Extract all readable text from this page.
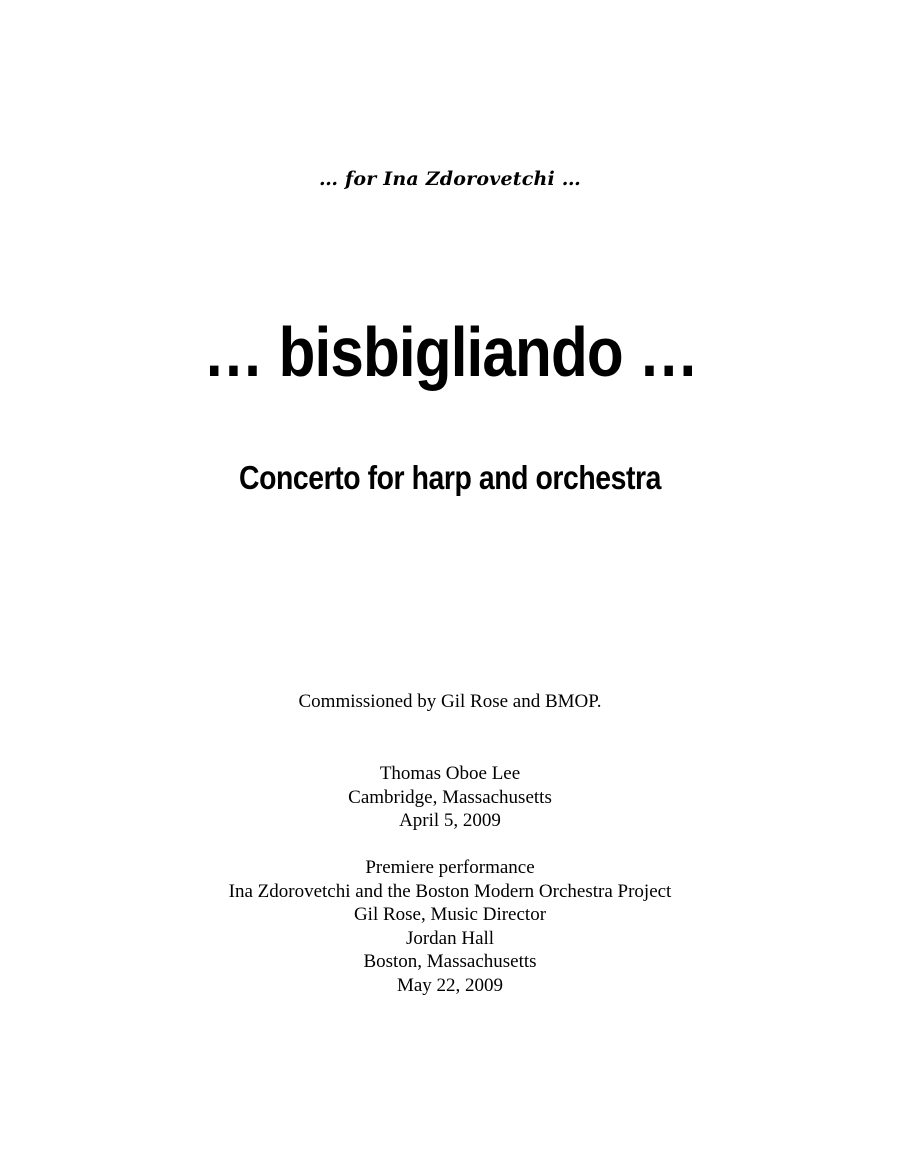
… for Ina Zdorovetchi …
… bisbigliando …
Concerto for harp and orchestra
Commissioned by Gil Rose and BMOP.
Thomas Oboe Lee
Cambridge, Massachusetts
April 5, 2009
Premiere performance
Ina Zdorovetchi and the Boston Modern Orchestra Project
Gil Rose, Music Director
Jordan Hall
Boston, Massachusetts
May 22, 2009
